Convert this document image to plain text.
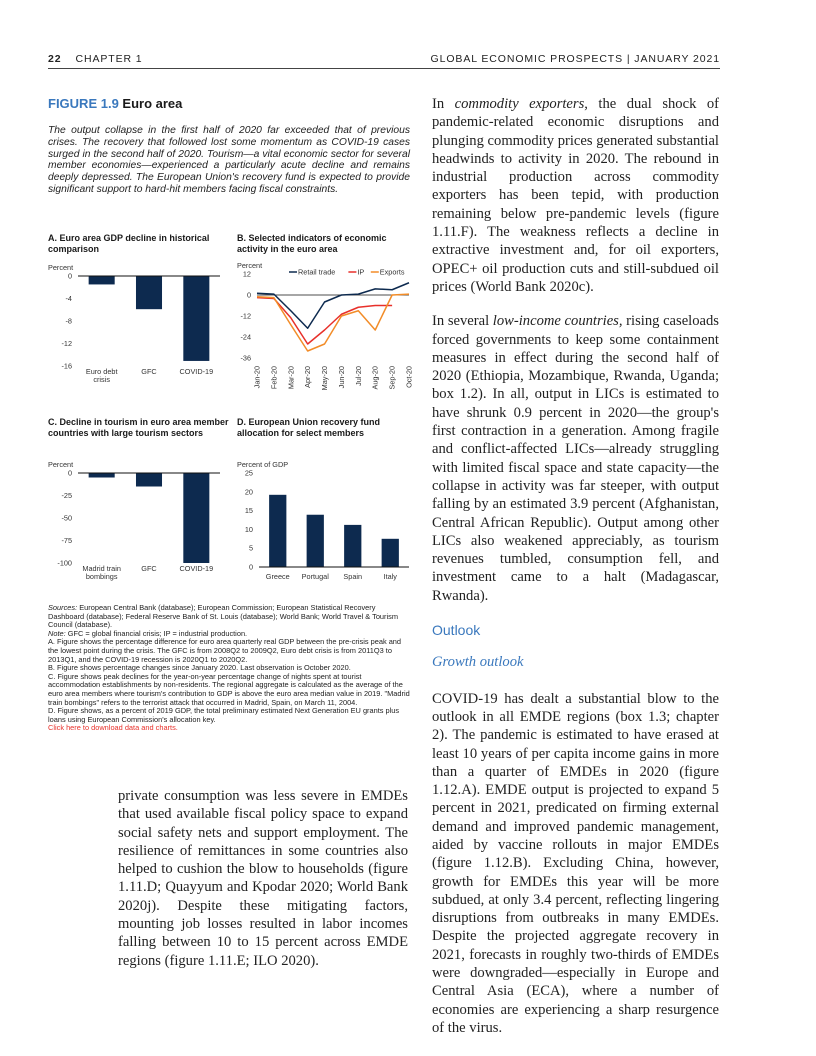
22 CHAPTER 1	GLOBAL ECONOMIC PROSPECTS | JANUARY 2021
FIGURE 1.9 Euro area
The output collapse in the first half of 2020 far exceeded that of previous crises. The recovery that followed lost some momentum as COVID-19 cases surged in the second half of 2020. Tourism—a vital economic sector for several member economies—experienced a particularly acute decline and remains deeply depressed. The European Union's recovery fund is expected to provide significant support to hard-hit members facing fiscal constraints.
A. Euro area GDP decline in historical comparison
B. Selected indicators of economic activity in the euro area
C. Decline in tourism in euro area member countries with large tourism sectors
D. European Union recovery fund allocation for select members
Percent
0
-4
-8
-12
-16
Euro debt
crisis
GFC	COVID-19
Percent
12
0
-12
-24
-36
Jan-20 Feb-20 Mar-20 Apr-20 May-20 Jun-20 Jul-20 Aug-20 Sep-20 Oct-20
Retail trade	IP Exports
Percent
0
-25
-50
-75
-100
Madrid train
bombings
GFC	COVID-19
Percent of GDP
25
20
15
10
5
0
Greece Portugal Spain	Italy

Sources: European Central Bank (database); European Commission; European Statistical Recovery Dashboard (database); Federal Reserve Bank of St. Louis (database); World Bank; World Travel & Tourism Council (database).

Note: GFC = global financial crisis; IP = industrial production.

A. Figure shows the percentage difference for euro area quarterly real GDP between the pre-crisis peak and the lowest point during the crisis. The GFC is from 2008Q2 to 2009Q2, Euro debt crisis is from 2011Q3 to 2013Q1, and the COVID-19 recession is 2020Q1 to 2020Q2.

B. Figure shows percentage changes since January 2020. Last observation is October 2020.

C. Figure shows peak declines for the year-on-year percentage change of nights spent at tourist accommodation establishments by non-residents. The regional aggregate is calculated as the average of the euro area members where tourism's contribution to GDP is above the euro area median value in 2019. "Madrid train bombings" refers to the terrorist attack that occurred in Madrid, Spain, on March 11, 2004.

D. Figure shows, as a percent of 2019 GDP, the total preliminary estimated Next Generation EU grants plus loans using European Commission's allocation key.

Click here to download data and charts.

private consumption was less severe in EMDEs that used available fiscal policy space to expand social safety nets and support employment. The resilience of remittances in some countries also helped to cushion the blow to households (figure 1.11.D; Quayyum and Kpodar 2020; World Bank 2020j). Despite these mitigating factors, mounting job losses resulted in labor incomes falling between 10 to 15 percent across EMDE regions (figure 1.11.E; ILO 2020).

In commodity exporters, the dual shock of pandemic-related economic disruptions and plunging commodity prices generated substantial headwinds to activity in 2020. The rebound in industrial production across commodity exporters has been tepid, with production remaining below pre-pandemic levels (figure 1.11.F). The weakness reflects a decline in extractive investment and, for oil exporters, OPEC+ oil production cuts and still-subdued oil prices (World Bank 2020c).

In several low-income countries, rising caseloads forced governments to keep some containment measures in effect during the second half of 2020 (Ethiopia, Mozambique, Rwanda, Uganda; box 1.2). In all, output in LICs is estimated to have shrunk 0.9 percent in 2020—the group's first contraction in a generation. Among fragile and conflict-affected LICs—already struggling with limited fiscal space and state capacity—the collapse in activity was far steeper, with output falling by an estimated 3.9 percent (Afghanistan, Central African Republic). Output among other LICs also weakened appreciably, as tourism revenues tumbled, consumption fell, and investment came to a halt (Madagascar, Rwanda).

Outlook

Growth outlook

COVID-19 has dealt a substantial blow to the outlook in all EMDE regions (box 1.3; chapter 2). The pandemic is estimated to have erased at least 10 years of per capita income gains in more than a quarter of EMDEs in 2020 (figure 1.12.A). EMDE output is projected to expand 5 percent in 2021, predicated on firming external demand and improved pandemic management, aided by vaccine rollouts in major EMDEs (figure 1.12.B). Excluding China, however, growth for EMDEs this year will be more subdued, at only 3.4 percent, reflecting lingering disruptions from outbreaks in many EMDEs. Despite the projected aggregate recovery in 2021, forecasts in roughly two-thirds of EMDEs were downgraded—especially in Europe and Central Asia (ECA), where a number of economies are experiencing a sharp resurgence of the virus.
